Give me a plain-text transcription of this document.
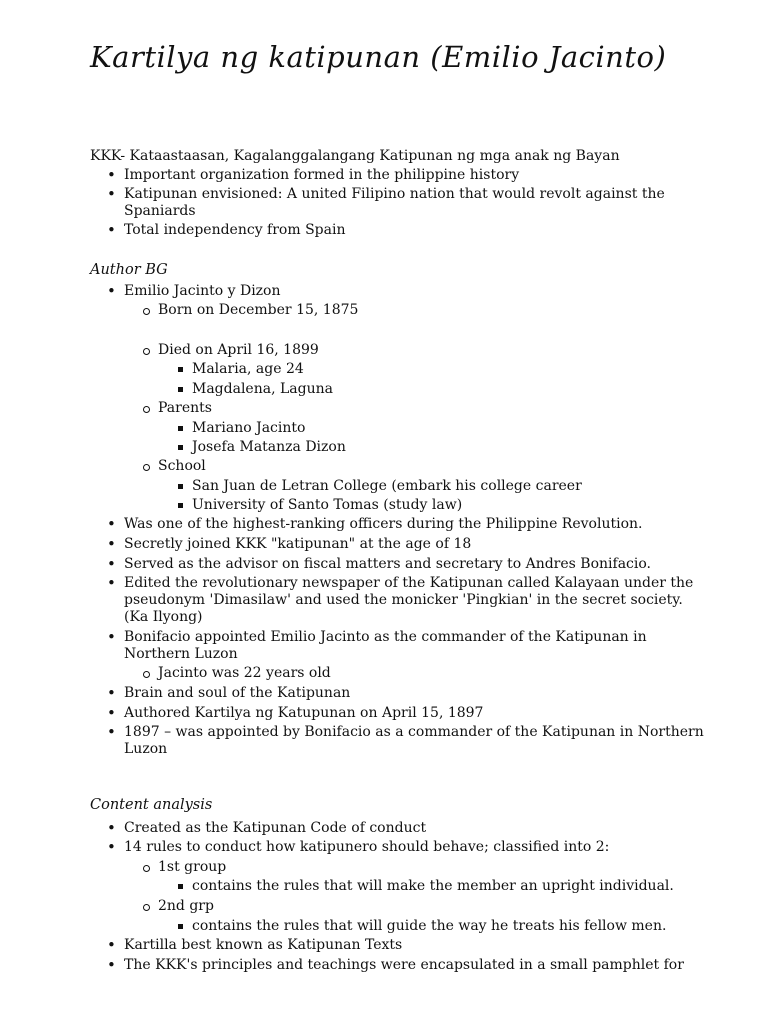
Kartilya ng katipunan (Emilio Jacinto)

KKK- Kataastaasan, Kagalanggalangang Katipunan ng mga anak ng Bayan

• Important organization formed in the philippine history

• Katipunan envisioned: A united Filipino nation that would revolt against the Spaniards

• Total independency from Spain

Author BG

• Emilio Jacinto y Dizon

Born on December 15, 1875

Died on April 16, 1899

Malaria, age 24

Magdalena, Laguna

Parents

Mariano Jacinto

Josefa Matanza Dizon

School

San Juan de Letran College (embark his college career

University of Santo Tomas (study law)

• Was one of the highest-ranking officers during the Philippine Revolution.

• Secretly joined KKK "katipunan" at the age of 18

• Served as the advisor on fiscal matters and secretary to Andres Bonifacio.

• Edited the revolutionary newspaper of the Katipunan called Kalayaan under the pseudonym 'Dimasilaw' and used the monicker 'Pingkian' in the secret society. (Ka Ilyong)

• Bonifacio appointed Emilio Jacinto as the commander of the Katipunan in Northern Luzon

Jacinto was 22 years old

• Brain and soul of the Katipunan

• Authored Kartilya ng Katupunan on April 15, 1897

• 1897 – was appointed by Bonifacio as a commander of the Katipunan in Northern Luzon

Content analysis

• Created as the Katipunan Code of conduct

• 14 rules to conduct how katipunero should behave; classified into 2:

1st group

contains the rules that will make the member an upright individual.

2nd grp

contains the rules that will guide the way he treats his fellow men.

• Kartilla best known as Katipunan Texts

• The KKK's principles and teachings were encapsulated in a small pamphlet for
